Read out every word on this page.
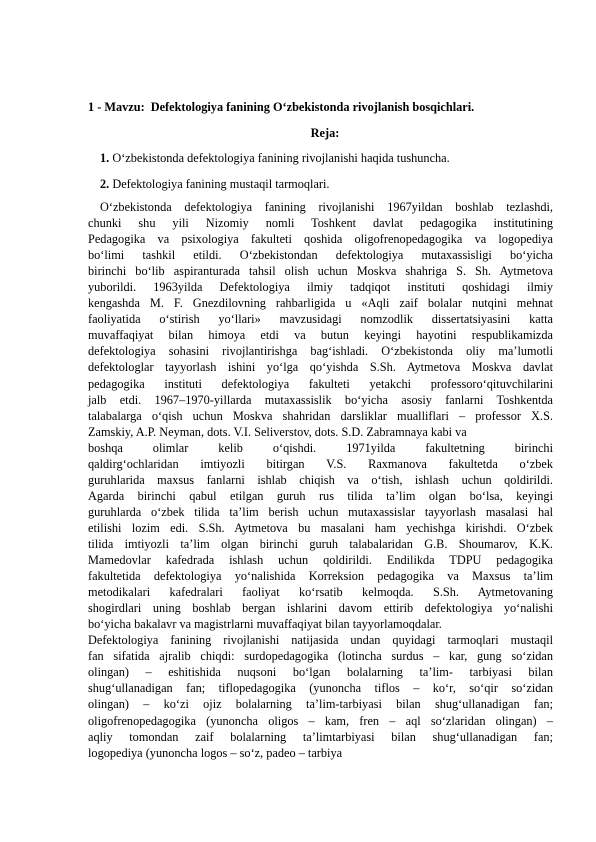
1 - Mavzu: Defektologiya fanining O‘zbekistonda rivojlanish bosqichlari.
Reja:
1. O‘zbekistonda defektologiya fanining rivojlanishi haqida tushuncha.
2. Defektologiya fanining mustaqil tarmoqlari.
O‘zbekistonda defektologiya fanining rivojlanishi 1967yildan boshlab tezlashdi,
chunki shu yili Nizomiy nomli Toshkent davlat pedagogika institutining
Pedagogika va psixologiya fakulteti qoshida oligofrenopedagogika va logopediya
bo‘limi tashkil etildi. O‘zbekistondan defektologiya mutaxassisligi bo‘yicha
birinchi bo‘lib aspiranturada tahsil olish uchun Moskva shahriga S. Sh. Aytmetova
yuborildi. 1963yilda Defektologiya ilmiy tadqiqot instituti qoshidagi ilmiy
kengashda M. F. Gnezdilovning rahbarligida u «Aqli zaif bolalar nutqini mehnat
faoliyatida o‘stirish yo‘llari» mavzusidagi nomzodlik dissertatsiyasini katta
muvaffaqiyat bilan himoya etdi va butun keyingi hayotini respublikamizda
defektologiya sohasini rivojlantirishga bag‘ishladi. O‘zbekistonda oliy ma’lumotli
defektologlar tayyorlash ishini yo‘lga qo‘yishda S.Sh. Aytmetova Moskva davlat
pedagogika instituti defektologiya fakulteti yetakchi professoro‘qituvchilarini
jalb etdi. 1967–1970-yillarda mutaxassislik bo‘yicha asosiy fanlarni Toshkentda
talabalarga o‘qish uchun Moskva shahridan darsliklar mualliflari – professor X.S.
Zamskiy, A.P. Neyman, dots. V.I. Seliverstov, dots. S.D. Zabramnaya kabi va
boshqa olimlar kelib o‘qishdi. 1971yilda fakultetning birinchi
qaldirg‘ochlaridan imtiyozli bitirgan V.S. Raxmanova fakultetda o‘zbek
guruhlarida maxsus fanlarni ishlab chiqish va o‘tish, ishlash uchun qoldirildi.
Agarda birinchi qabul etilgan guruh rus tilida ta’lim olgan bo‘lsa, keyingi
guruhlarda o‘zbek tilida ta’lim berish uchun mutaxassislar tayyorlash masalasi hal
etilishi lozim edi. S.Sh. Aytmetova bu masalani ham yechishga kirishdi. O‘zbek
tilida imtiyozli ta’lim olgan birinchi guruh talabalaridan G.B. Shoumarov, K.K.
Mamedovlar kafedrada ishlash uchun qoldirildi. Endilikda TDPU pedagogika
fakultetida defektologiya yo‘nalishida Korreksion pedagogika va Maxsus ta’lim
metodikalari kafedralari faoliyat ko‘rsatib kelmoqda. S.Sh. Aytmetovaning
shogirdlari uning boshlab bergan ishlarini davom ettirib defektologiya yo‘nalishi
bo‘yicha bakalavr va magistrlarni muvaffaqiyat bilan tayyorlamoqdalar.
Defektologiya fanining rivojlanishi natijasida undan quyidagi tarmoqlari mustaqil
fan sifatida ajralib chiqdi: surdopedagogika (lotincha surdus – kar, gung so‘zidan
olingan) – eshitishida nuqsoni bo‘lgan bolalarning ta’lim- tarbiyasi bilan
shug‘ullanadigan fan; tiflopedagogika (yunoncha tiflos – ko‘r, so‘qir so‘zidan
olingan) – ko‘zi ojiz bolalarning ta’lim-tarbiyasi bilan shug‘ullanadigan fan;
oligofrenopedagogika (yunoncha oligos – kam, fren – aql so‘zlaridan olingan) –
aqliy tomondan zaif bolalarning ta’limtarbiyasi bilan shug‘ullanadigan fan;
logopediya (yunoncha logos – so‘z, padeo – tarbiya
